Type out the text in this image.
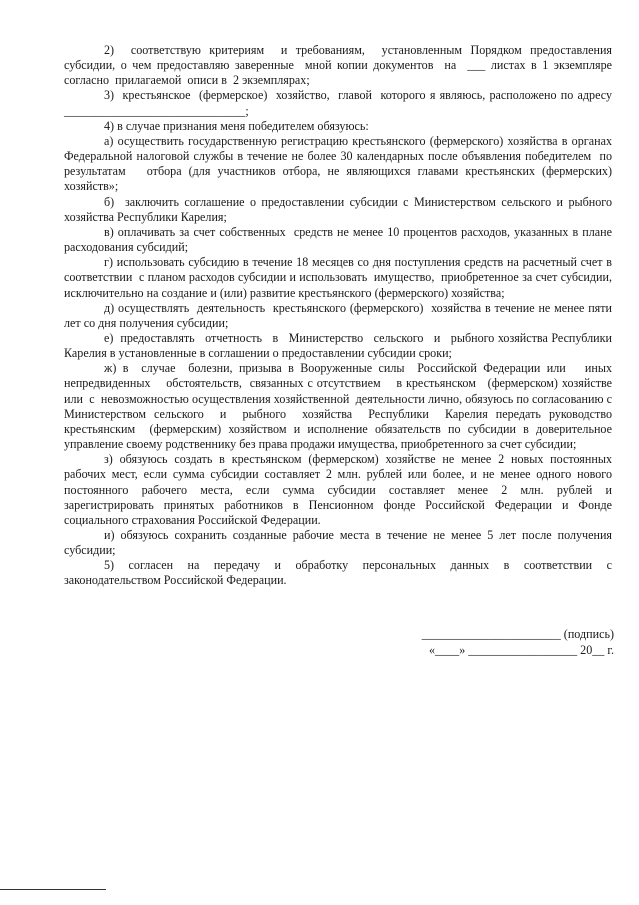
2)  соответствую критериям  и требованиям,  установленным Порядком предоставления субсидии, о чем предоставляю заверенные  мной копии документов  на  ___ листах в 1 экземпляре согласно  прилагаемой  описи в  2 экземплярах;

3)  крестьянское  (фермерское)  хозяйство,  главой  которого я являюсь, расположено по адресу ______________________________;

4) в случае признания меня победителем обязуюсь:

а) осуществить государственную регистрацию крестьянского (фермерского) хозяйства в органах Федеральной налоговой службы в течение не более 30 календарных после объявления победителем  по  результатам   отбора (для участников отбора, не являющихся главами крестьянских (фермерских) хозяйств»;

б)  заключить соглашение о предоставлении субсидии с Министерством сельского и рыбного хозяйства Республики Карелия;

в) оплачивать за счет собственных  средств не менее 10 процентов расходов, указанных в плане расходования субсидий;

г) использовать субсидию в течение 18 месяцев со дня поступления средств на расчетный счет в  соответствии  с планом расходов субсидии и использовать  имущество,  приобретенное за счет субсидии,  исключительно на создание и (или) развитие крестьянского (фермерского) хозяйства;

д) осуществлять  деятельность  крестьянского (фермерского)  хозяйства в течение не менее пяти лет со дня получения субсидии;

е)  предоставлять   отчетность   в   Министерство   сельского   и   рыбного хозяйства Республики Карелия в установленные в соглашении о предоставлении субсидии сроки;

ж) в  случае  болезни, призыва в Вооруженные силы  Российской Федерации или   иных непредвиденных    обстоятельств,  связанных с отсутствием    в крестьянском   (фермерском) хозяйстве  или  с  невозможностью осуществления хозяйственной  деятельности лично, обязуюсь по согласованию с Министерством сельского  и  рыбного  хозяйства  Республики  Карелия передать руководство крестьянским  (фермерским) хозяйством и исполнение обязательств по субсидии в доверительное управление своему родственнику без права продажи имущества, приобретенного за счет субсидии;

з) обязуюсь создать в крестьянском (фермерском) хозяйстве не менее 2 новых постоянных рабочих мест, если сумма субсидии составляет 2 млн. рублей или более, и не менее одного нового постоянного  рабочего  места,  если  сумма  субсидии  составляет  менее  2  млн.  рублей  и зарегистрировать принятых работников в Пенсионном фонде Российской Федерации и Фонде социального страхования Российской Федерации.

и) обязуюсь сохранить созданные рабочие места в течение не менее 5 лет после получения субсидии;

5)  согласен  на  передачу  и  обработку  персональных  данных  в  соответствии  с законодательством Российской Федерации.

_______________________ (подпись)

«____» __________________ 20__ г.
